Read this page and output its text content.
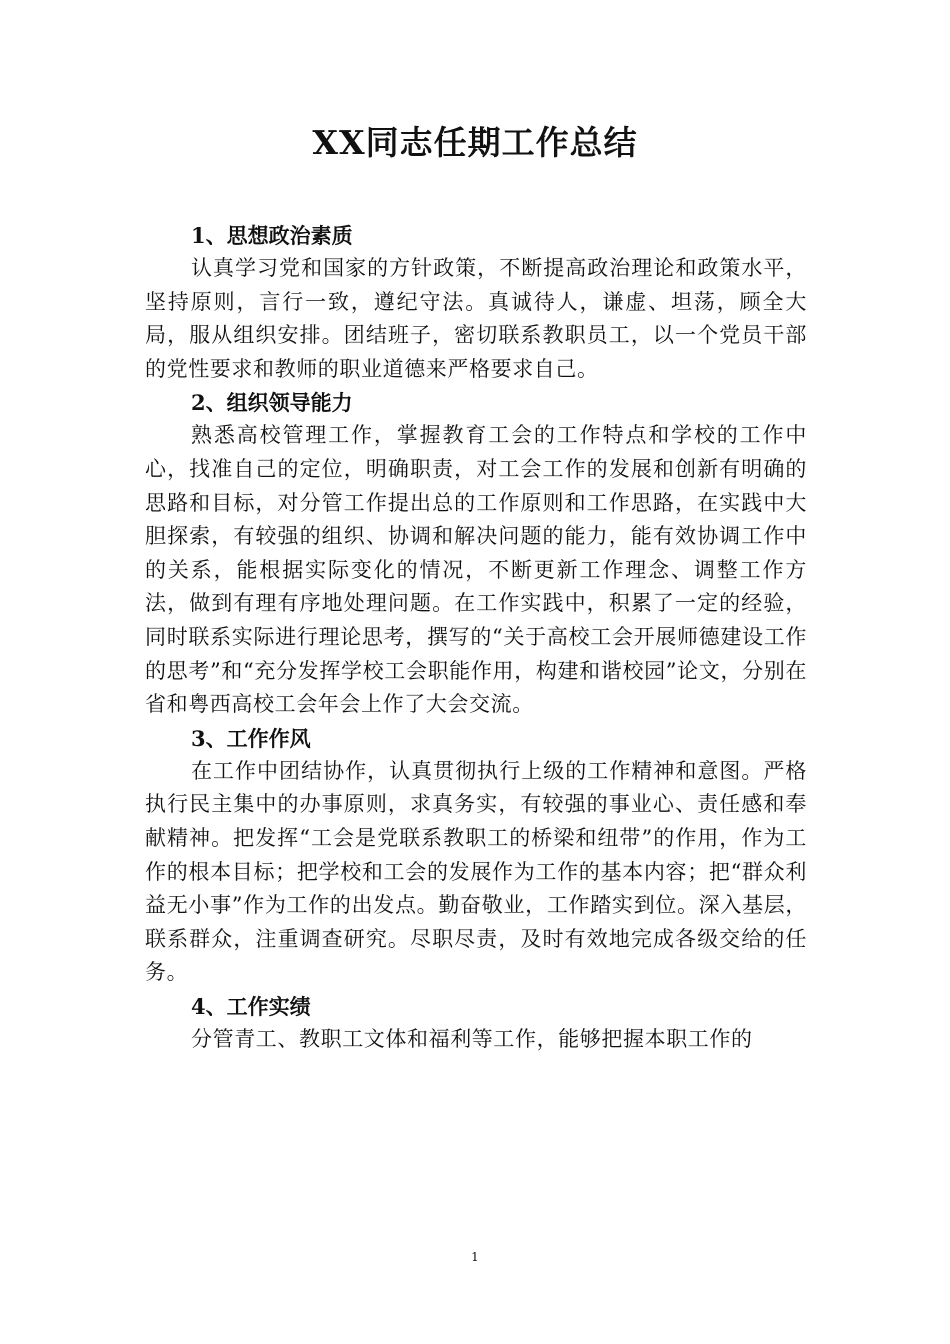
XX同志任期工作总结

1、思想政治素质

认真学习党和国家的方针政策，不断提高政治理论和政策水平，坚持原则，言行一致，遵纪守法。真诚待人，谦虚、坦荡，顾全大局，服从组织安排。团结班子，密切联系教职员工，以一个党员干部的党性要求和教师的职业道德来严格要求自己。

2、组织领导能力

熟悉高校管理工作，掌握教育工会的工作特点和学校的工作中心，找准自己的定位，明确职责，对工会工作的发展和创新有明确的思路和目标，对分管工作提出总的工作原则和工作思路，在实践中大胆探索，有较强的组织、协调和解决问题的能力，能有效协调工作中的关系，能根据实际变化的情况，不断更新工作理念、调整工作方法，做到有理有序地处理问题。在工作实践中，积累了一定的经验，同时联系实际进行理论思考，撰写的“关于高校工会开展师德建设工作的思考”和“充分发挥学校工会职能作用，构建和谐校园”论文，分别在省和粤西高校工会年会上作了大会交流。

3、工作作风

在工作中团结协作，认真贯彻执行上级的工作精神和意图。严格执行民主集中的办事原则，求真务实，有较强的事业心、责任感和奉献精神。把发挥“工会是党联系教职工的桥梁和纽带”的作用，作为工作的根本目标；把学校和工会的发展作为工作的基本内容；把“群众利益无小事”作为工作的出发点。勤奋敬业，工作踏实到位。深入基层，联系群众，注重调查研究。尽职尽责，及时有效地完成各级交给的任务。

4、工作实绩

分管青工、教职工文体和福利等工作，能够把握本职工作的

1
